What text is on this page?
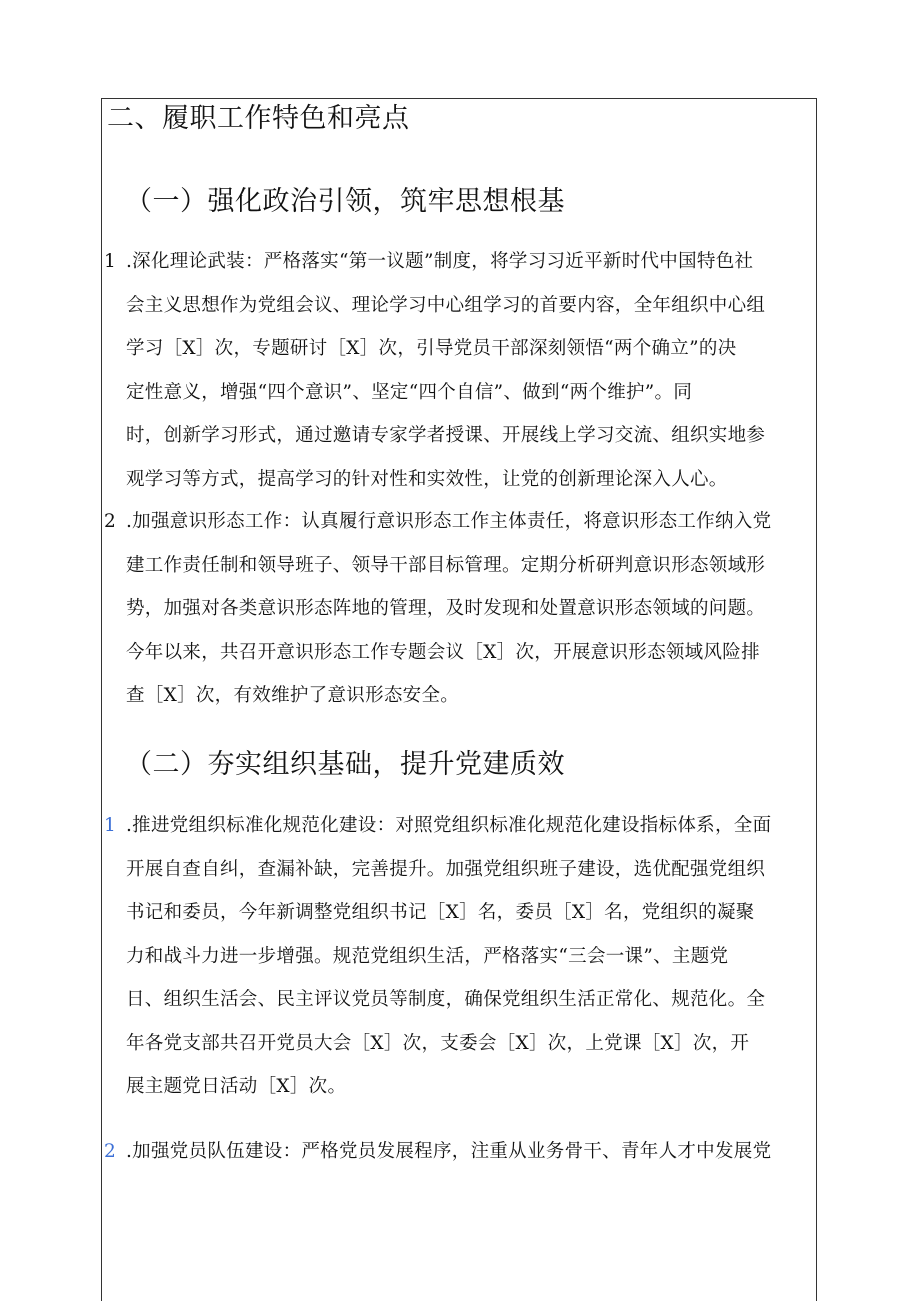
二、履职工作特色和亮点
（一）强化政治引领，筑牢思想根基
1 .深化理论武装：严格落实“第一议题”制度，将学习习近平新时代中国特色社
会主义思想作为党组会议、理论学习中心组学习的首要内容，全年组织中心组
学习［X］次，专题研讨［X］次，引导党员干部深刻领悟“两个确立”的决
定性意义，增强“四个意识”、坚定“四个自信”、做到“两个维护”。同
时，创新学习形式，通过邀请专家学者授课、开展线上学习交流、组织实地参
观学习等方式，提高学习的针对性和实效性，让党的创新理论深入人心。
2 .加强意识形态工作：认真履行意识形态工作主体责任，将意识形态工作纳入党
建工作责任制和领导班子、领导干部目标管理。定期分析研判意识形态领域形
势，加强对各类意识形态阵地的管理，及时发现和处置意识形态领域的问题。
今年以来，共召开意识形态工作专题会议［X］次，开展意识形态领域风险排
查［X］次，有效维护了意识形态安全。
（二）夯实组织基础，提升党建质效
1 .推进党组织标准化规范化建设：对照党组织标准化规范化建设指标体系，全面
开展自查自纠，查漏补缺，完善提升。加强党组织班子建设，选优配强党组织
书记和委员，今年新调整党组织书记［X］名，委员［X］名，党组织的凝聚
力和战斗力进一步增强。规范党组织生活，严格落实“三会一课”、主题党
日、组织生活会、民主评议党员等制度，确保党组织生活正常化、规范化。全
年各党支部共召开党员大会［X］次，支委会［X］次，上党课［X］次，开
展主题党日活动［X］次。
2 .加强党员队伍建设：严格党员发展程序，注重从业务骨干、青年人才中发展党
